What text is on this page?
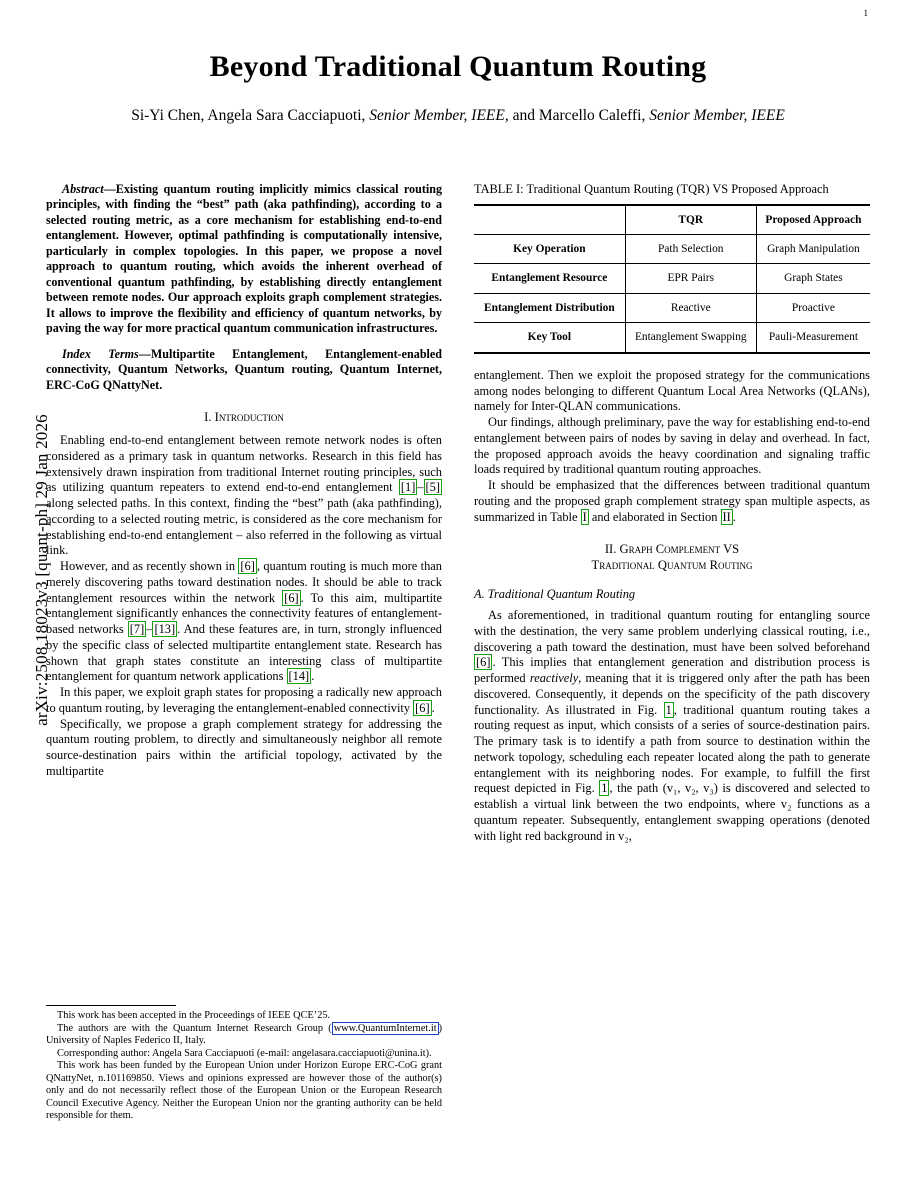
1
arXiv:2508.18023v3 [quant-ph] 29 Jan 2026
Beyond Traditional Quantum Routing
Si-Yi Chen, Angela Sara Cacciapuoti, Senior Member, IEEE, and Marcello Caleffi, Senior Member, IEEE
Abstract—Existing quantum routing implicitly mimics classical routing principles, with finding the “best” path (aka pathfinding), according to a selected routing metric, as a core mechanism for establishing end-to-end entanglement. However, optimal pathfinding is computationally intensive, particularly in complex topologies. In this paper, we propose a novel approach to quantum routing, which avoids the inherent overhead of conventional quantum pathfinding, by establishing directly entanglement between remote nodes. Our approach exploits graph complement strategies. It allows to improve the flexibility and efficiency of quantum networks, by paving the way for more practical quantum communication infrastructures.
Index Terms—Multipartite Entanglement, Entanglement-enabled connectivity, Quantum Networks, Quantum routing, Quantum Internet, ERC-CoG QNattyNet.
I. Introduction

Enabling end-to-end entanglement between remote network nodes is often considered as a primary task in quantum networks. Research in this field has extensively drawn inspiration from traditional Internet routing principles, such as utilizing quantum repeaters to extend end-to-end entanglement [1] – [5] along selected paths. In this context, finding the “best” path (aka pathfinding), according to a selected routing metric, is considered as the core mechanism for establishing end-to-end entanglement – also referred in the following as virtual link.

However, and as recently shown in [6] , quantum routing is much more than merely discovering paths toward destination nodes. It should be able to track entanglement resources within the network [6] . To this aim, multipartite entanglement significantly enhances the connectivity features of entanglement-based networks [7] – [13] . And these features are, in turn, strongly influenced by the specific class of selected multipartite entanglement state. Research has shown that graph states constitute an interesting class of multipartite entanglement for quantum network applications [14] .

In this paper, we exploit graph states for proposing a radically new approach to quantum routing, by leveraging the entanglement-enabled connectivity [6] .

Specifically, we propose a graph complement strategy for addressing the quantum routing problem, to directly and simultaneously neighbor all remote source-destination pairs within the artificial topology, activated by the multipartite

TABLE I: Traditional Quantum Routing (TQR) VS Proposed Approach
	TQR	Proposed Approach
Key Operation	Path Selection	Graph Manipulation
Entanglement Resource	EPR Pairs	Graph States
Entanglement Distribution	Reactive	Proactive
Key Tool	Entanglement Swapping	Pauli-Measurement

entanglement. Then we exploit the proposed strategy for the communications among nodes belonging to different Quantum Local Area Networks (QLANs), namely for Inter-QLAN communications.

Our findings, although preliminary, pave the way for establishing end-to-end entanglement between pairs of nodes by saving in delay and overhead. In fact, the proposed approach avoids the heavy coordination and signaling traffic loads required by traditional quantum routing approaches.

It should be emphasized that the differences between traditional quantum routing and the proposed graph complement strategy span multiple aspects, as summarized in Table I and elaborated in Section II .

II. Graph Complement VS
Traditional Quantum Routing
A. Traditional Quantum Routing

As aforementioned, in traditional quantum routing for entangling source with the destination, the very same problem underlying classical routing, i.e., discovering a path toward the destination, must have been solved beforehand [6] . This implies that entanglement generation and distribution process is performed reactively, meaning that it is triggered only after the path has been discovered. Consequently, it depends on the specificity of the path discovery functionality. As illustrated in Fig. 1 , traditional quantum routing takes a routing request as input, which consists of a series of source-destination pairs. The primary task is to identify a path from source to destination within the network topology, scheduling each repeater located along the path to generate entanglement with its neighboring nodes. For example, to fulfill the first request depicted in Fig. 1 , the path (v₁, v₂, v₃) is discovered and selected to establish a virtual link between the two endpoints, where v₂ functions as a quantum repeater. Subsequently, entanglement swapping operations (denoted with light red background in v₂,

This work has been accepted in the Proceedings of IEEE QCE’25.

The authors are with the Quantum Internet Research Group ( www.QuantumInternet.it ) University of Naples Federico II, Italy.

Corresponding author: Angela Sara Cacciapuoti (e-mail: angelasara.cacciapuoti@unina.it).

This work has been funded by the European Union under Horizon Europe ERC-CoG grant QNattyNet, n.101169850. Views and opinions expressed are however those of the author(s) only and do not necessarily reflect those of the European Union or the European Research Council Executive Agency. Neither the European Union nor the granting authority can be held responsible for them.
